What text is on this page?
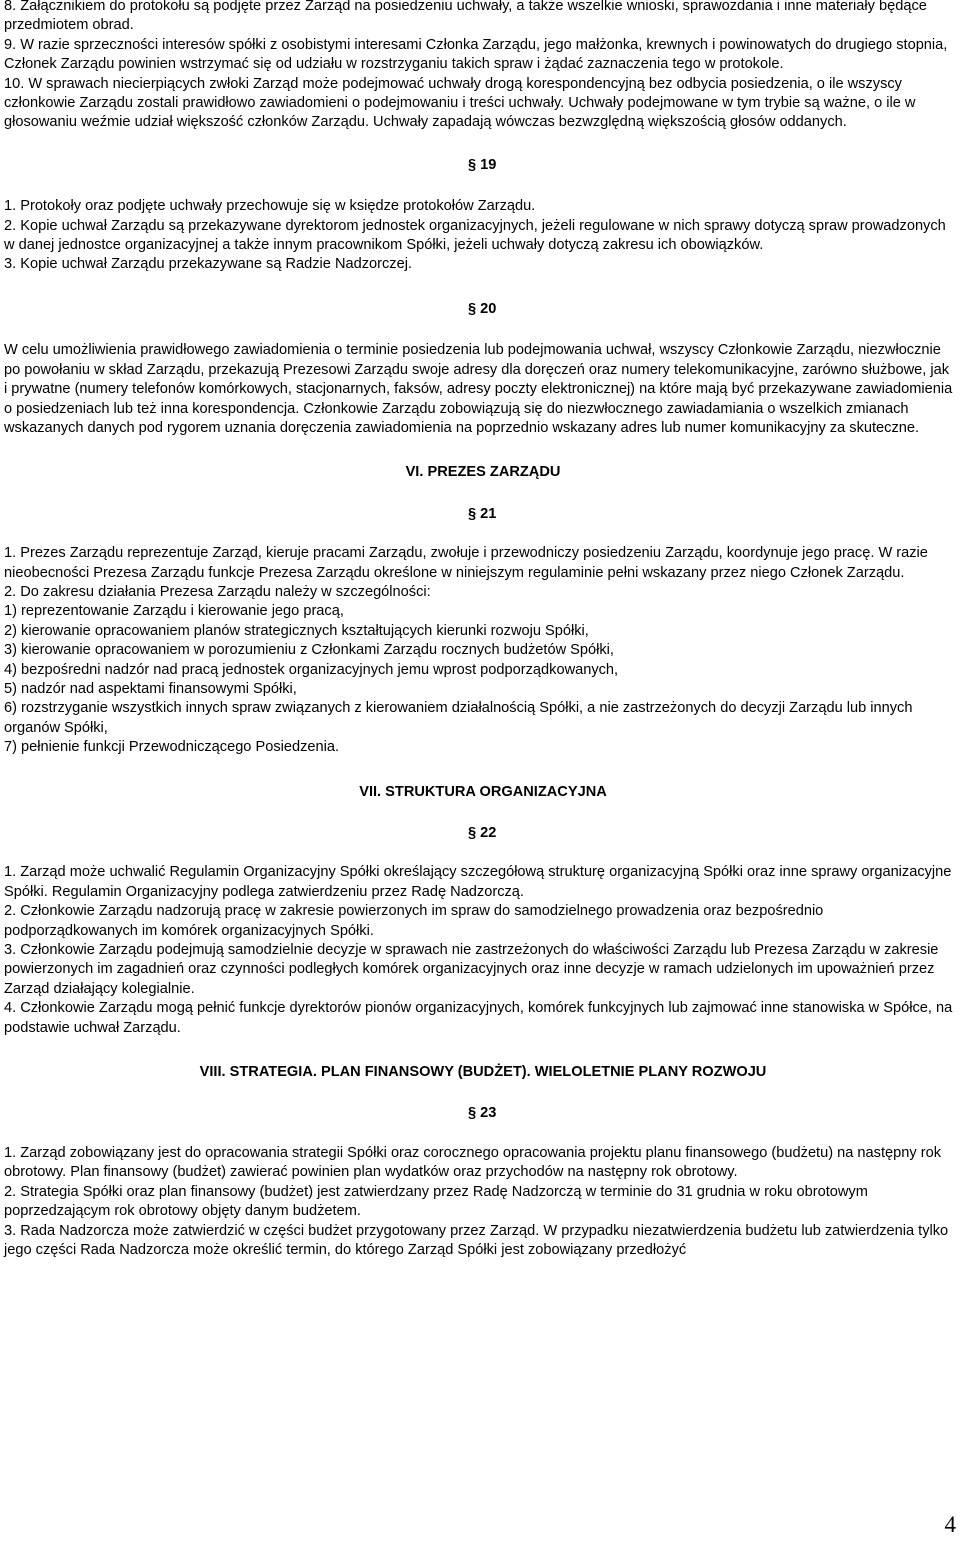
8. Załącznikiem do protokołu są podjęte przez Zarząd na posiedzeniu uchwały, a także wszelkie wnioski, sprawozdania i inne materiały będące przedmiotem obrad.

9. W razie sprzeczności interesów spółki z osobistymi interesami Członka Zarządu, jego małżonka, krewnych i powinowatych do drugiego stopnia, Członek Zarządu powinien wstrzymać się od udziału w rozstrzyganiu takich spraw i żądać zaznaczenia tego w protokole.

10. W sprawach niecierpiących zwłoki Zarząd może podejmować uchwały drogą korespondencyjną bez odbycia posiedzenia, o ile wszyscy członkowie Zarządu zostali prawidłowo zawiadomieni o podejmowaniu i treści uchwały. Uchwały podejmowane w tym trybie są ważne, o ile w głosowaniu weźmie udział większość członków Zarządu. Uchwały zapadają wówczas bezwzględną większością głosów oddanych.

§ 19

1. Protokoły oraz podjęte uchwały przechowuje się w księdze protokołów Zarządu.

2. Kopie uchwał Zarządu są przekazywane dyrektorom jednostek organizacyjnych, jeżeli regulowane w nich sprawy dotyczą spraw prowadzonych w danej jednostce organizacyjnej a także innym pracownikom Spółki, jeżeli uchwały dotyczą zakresu ich obowiązków.

3. Kopie uchwał Zarządu przekazywane są Radzie Nadzorczej.

§ 20

W celu umożliwienia prawidłowego zawiadomienia o terminie posiedzenia lub podejmowania uchwał, wszyscy Członkowie Zarządu, niezwłocznie po powołaniu w skład Zarządu, przekazują Prezesowi Zarządu swoje adresy dla doręczeń oraz numery telekomunikacyjne, zarówno służbowe, jak i prywatne (numery telefonów komórkowych, stacjonarnych, faksów, adresy poczty elektronicznej) na które mają być przekazywane zawiadomienia o posiedzeniach lub też inna korespondencja. Członkowie Zarządu zobowiązują się do niezwłocznego zawiadamiania o wszelkich zmianach wskazanych danych pod rygorem uznania doręczenia zawiadomienia na poprzednio wskazany adres lub numer komunikacyjny za skuteczne.

VI. PREZES ZARZĄDU

§ 21

1. Prezes Zarządu reprezentuje Zarząd, kieruje pracami Zarządu, zwołuje i przewodniczy posiedzeniu Zarządu, koordynuje jego pracę. W razie nieobecności Prezesa Zarządu funkcje Prezesa Zarządu określone w niniejszym regulaminie pełni wskazany przez niego Członek Zarządu.

2. Do zakresu działania Prezesa Zarządu należy w szczególności:

1) reprezentowanie Zarządu i kierowanie jego pracą,

2) kierowanie opracowaniem planów strategicznych kształtujących kierunki rozwoju Spółki,

3) kierowanie opracowaniem w porozumieniu z Członkami Zarządu rocznych budżetów Spółki,

4) bezpośredni nadzór nad pracą jednostek organizacyjnych jemu wprost podporządkowanych,

5) nadzór nad aspektami finansowymi Spółki,

6) rozstrzyganie wszystkich innych spraw związanych z kierowaniem działalnością Spółki, a nie zastrzeżonych do decyzji Zarządu lub innych organów Spółki,

7) pełnienie funkcji Przewodniczącego Posiedzenia.

VII. STRUKTURA ORGANIZACYJNA

§ 22

1. Zarząd może uchwalić Regulamin Organizacyjny Spółki określający szczegółową strukturę organizacyjną Spółki oraz inne sprawy organizacyjne Spółki. Regulamin Organizacyjny podlega zatwierdzeniu przez Radę Nadzorczą.

2. Członkowie Zarządu nadzorują pracę w zakresie powierzonych im spraw do samodzielnego prowadzenia oraz bezpośrednio podporządkowanych im komórek organizacyjnych Spółki.

3. Członkowie Zarządu podejmują samodzielnie decyzje w sprawach nie zastrzeżonych do właściwości Zarządu lub Prezesa Zarządu w zakresie powierzonych im zagadnień oraz czynności podległych komórek organizacyjnych oraz inne decyzje w ramach udzielonych im upoważnień przez Zarząd działający kolegialnie.

4. Członkowie Zarządu mogą pełnić funkcje dyrektorów pionów organizacyjnych, komórek funkcyjnych lub zajmować inne stanowiska w Spółce, na podstawie uchwał Zarządu.

VIII. STRATEGIA. PLAN FINANSOWY (BUDŻET). WIELOLETNIE PLANY ROZWOJU

§ 23

1. Zarząd zobowiązany jest do opracowania strategii Spółki oraz corocznego opracowania projektu planu finansowego (budżetu) na następny rok obrotowy. Plan finansowy (budżet) zawierać powinien plan wydatków oraz przychodów na następny rok obrotowy.

2. Strategia Spółki oraz plan finansowy (budżet) jest zatwierdzany przez Radę Nadzorczą w terminie do 31 grudnia w roku obrotowym poprzedzającym rok obrotowy objęty danym budżetem.

3. Rada Nadzorcza może zatwierdzić w części budżet przygotowany przez Zarząd. W przypadku niezatwierdzenia budżetu lub zatwierdzenia tylko jego części Rada Nadzorcza może określić termin, do którego Zarząd Spółki jest zobowiązany przedłożyć

4
